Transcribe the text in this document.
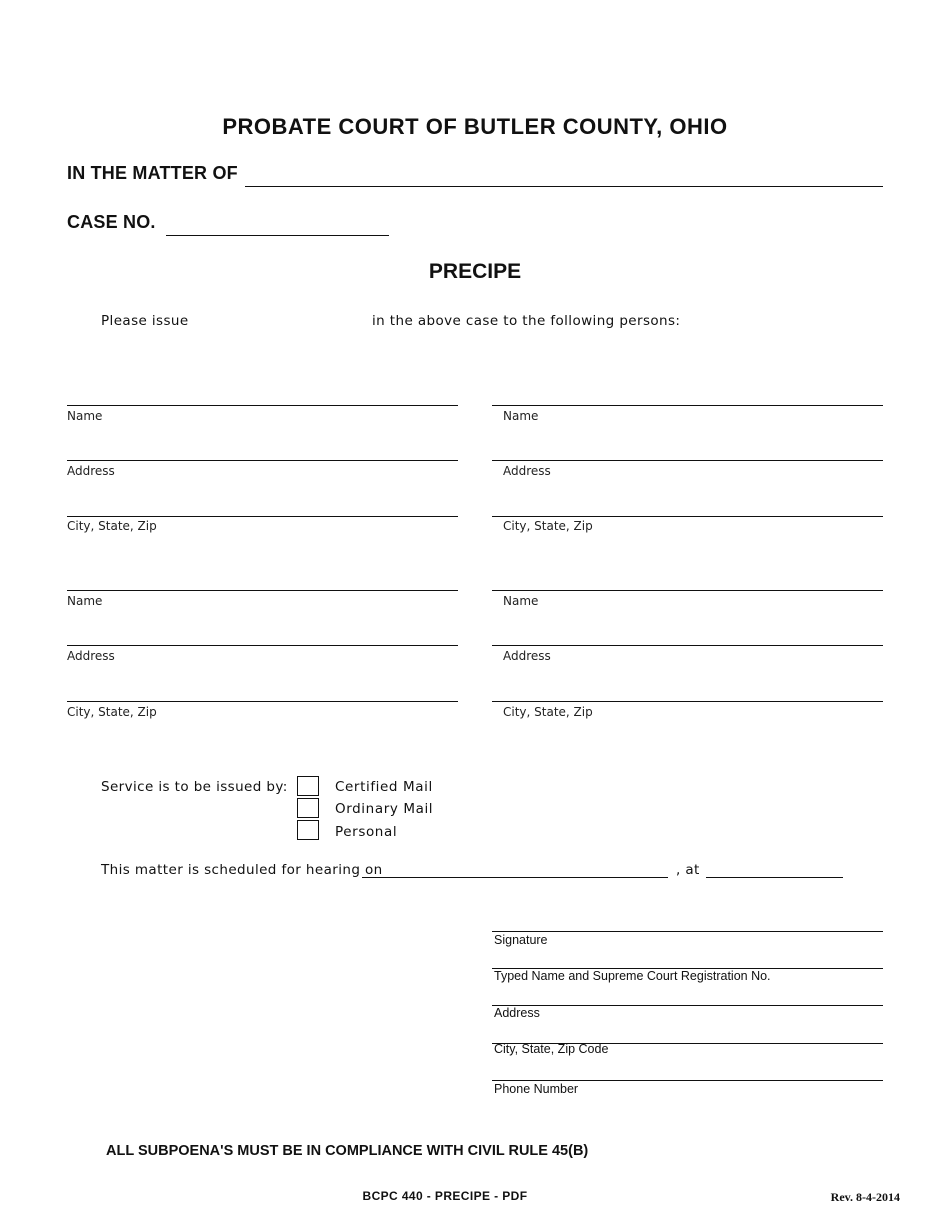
PROBATE COURT OF BUTLER COUNTY, OHIO
IN THE MATTER OF
CASE NO.
PRECIPE
Please issue	in the above case to the following persons:
Name
Address
City, State, Zip
Name
Address
City, State, Zip
Name
Address
City, State, Zip
Name
Address
City, State, Zip
Service is to be issued by:	Certified Mail
Ordinary Mail
Personal
This matter is scheduled for hearing on	, at
Signature
Typed Name and Supreme Court Registration No.
Address
City, State, Zip Code
Phone Number
ALL SUBPOENA'S MUST BE IN COMPLIANCE WITH CIVIL RULE 45(B)
BCPC 440 - PRECIPE - PDF	Rev. 8-4-2014
